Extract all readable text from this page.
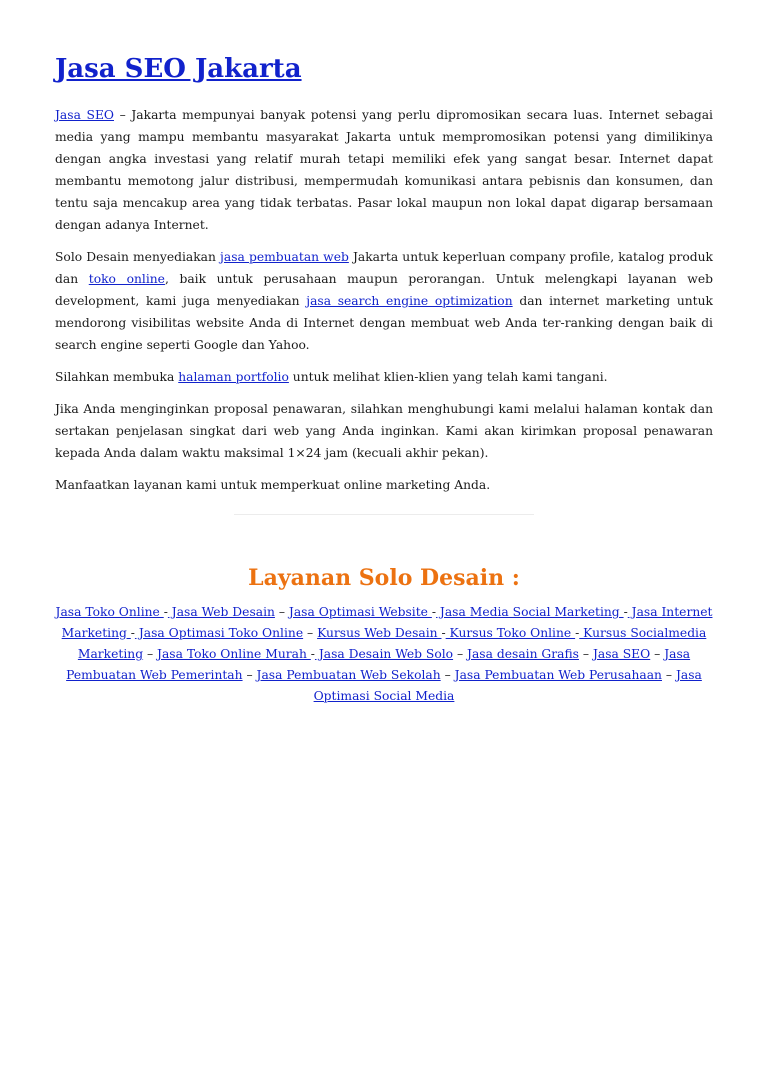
Jasa SEO Jakarta

Jasa SEO – Jakarta mempunyai banyak potensi yang perlu dipromosikan secara luas. Internet sebagai media yang mampu membantu masyarakat Jakarta untuk mempromosikan potensi yang dimilikinya dengan angka investasi yang relatif murah tetapi memiliki efek yang sangat besar. Internet dapat membantu memotong jalur distribusi, mempermudah komunikasi antara pebisnis dan konsumen, dan tentu saja mencakup area yang tidak terbatas. Pasar lokal maupun non lokal dapat digarap bersamaan dengan adanya Internet.

Solo Desain menyediakan jasa pembuatan web Jakarta untuk keperluan company profile, katalog produk dan toko online, baik untuk perusahaan maupun perorangan. Untuk melengkapi layanan web development, kami juga menyediakan jasa search engine optimization dan internet marketing untuk mendorong visibilitas website Anda di Internet dengan membuat web Anda ter-ranking dengan baik di search engine seperti Google dan Yahoo.

Silahkan membuka halaman portfolio untuk melihat klien-klien yang telah kami tangani.

Jika Anda menginginkan proposal penawaran, silahkan menghubungi kami melalui halaman kontak dan sertakan penjelasan singkat dari web yang Anda inginkan. Kami akan kirimkan proposal penawaran kepada Anda dalam waktu maksimal 1×24 jam (kecuali akhir pekan).

Manfaatkan layanan kami untuk memperkuat online marketing Anda.

Layanan Solo Desain :
Jasa Toko Online - Jasa Web Desain – Jasa Optimasi Website - Jasa Media Social Marketing - Jasa Internet Marketing - Jasa Optimasi Toko Online – Kursus Web Desain - Kursus Toko Online - Kursus Socialmedia Marketing – Jasa Toko Online Murah - Jasa Desain Web Solo – Jasa desain Grafis – Jasa SEO – Jasa Pembuatan Web Pemerintah – Jasa Pembuatan Web Sekolah – Jasa Pembuatan Web Perusahaan – Jasa Optimasi Social Media
